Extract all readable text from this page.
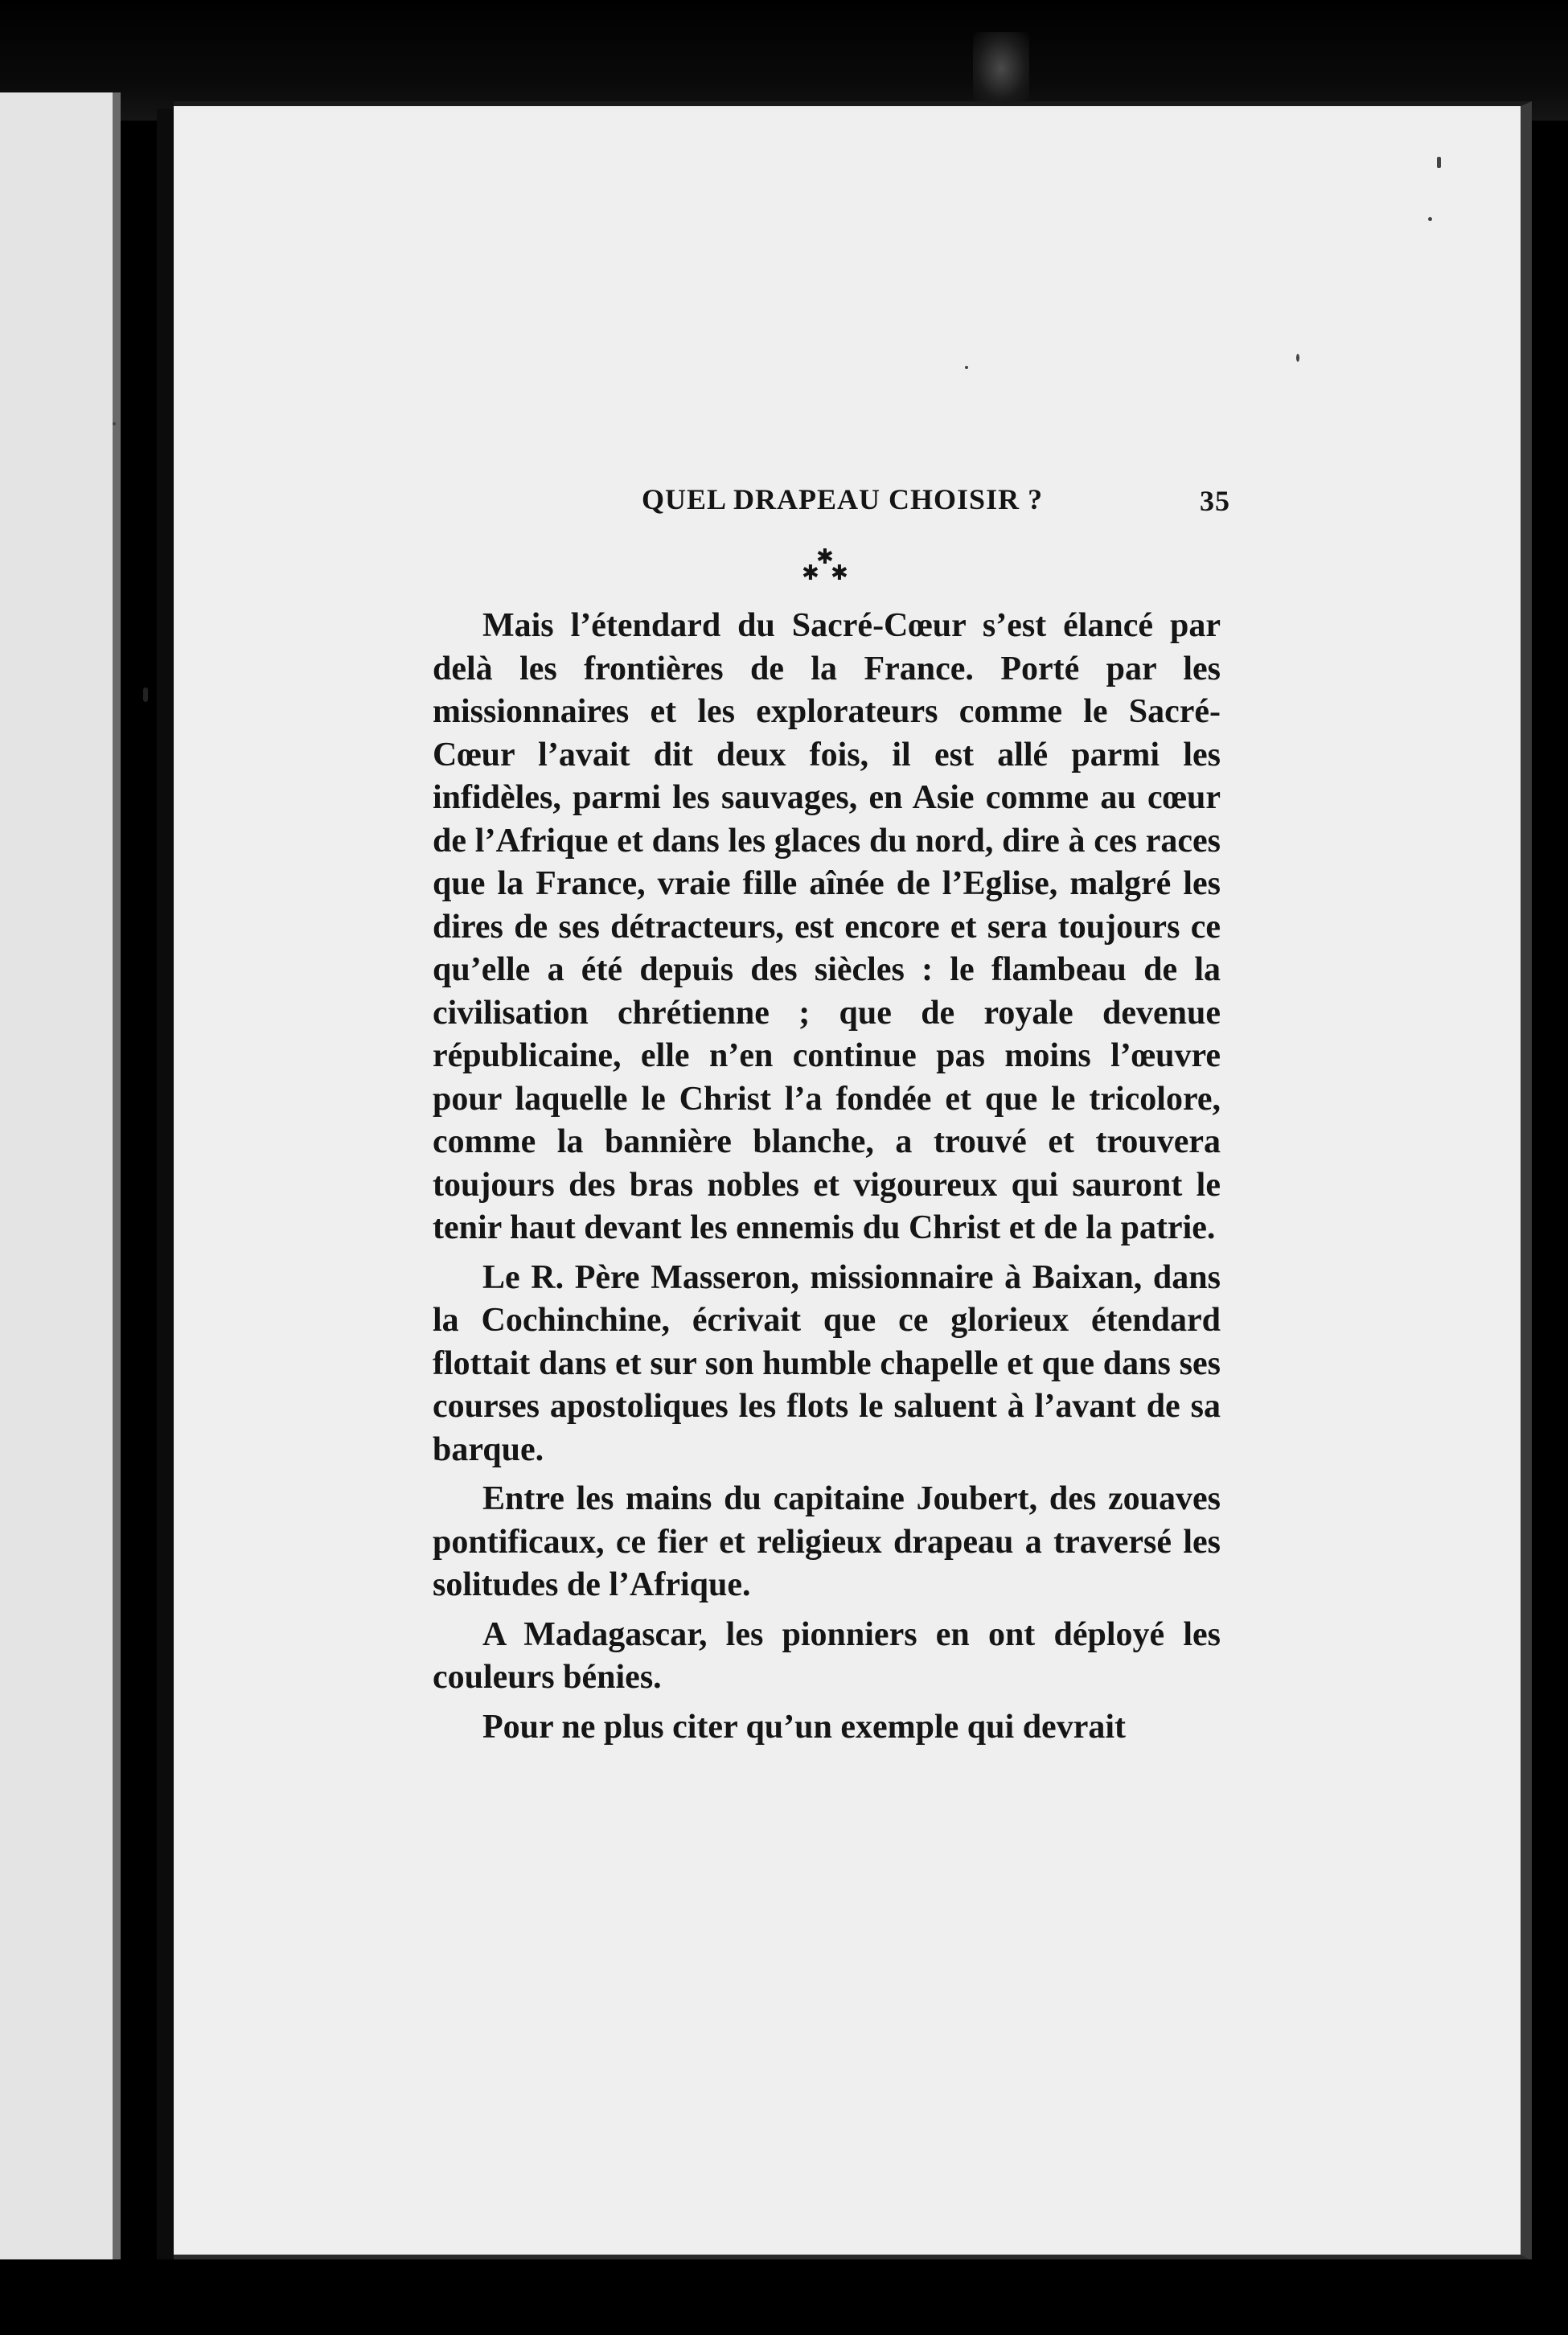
QUEL DRAPEAU CHOISIR ?	35
✱
✱ ✱

Mais l’étendard du Sacré-Cœur s’est élancé par delà les frontières de la France. Porté par les missionnaires et les explorateurs comme le Sacré-Cœur l’avait dit deux fois, il est allé parmi les infidèles, parmi les sauvages, en Asie comme au cœur de l’Afrique et dans les glaces du nord, dire à ces races que la France, vraie fille aînée de l’Eglise, malgré les dires de ses détracteurs, est encore et sera toujours ce qu’elle a été depuis des siècles : le flambeau de la civilisation chrétienne ; que de royale devenue républicaine, elle n’en continue pas moins l’œuvre pour laquelle le Christ l’a fondée et que le tricolore, comme la bannière blanche, a trouvé et trouvera toujours des bras nobles et vigoureux qui sauront le tenir haut devant les ennemis du Christ et de la patrie.

Le R. Père Masseron, missionnaire à Baixan, dans la Cochinchine, écrivait que ce glorieux étendard flottait dans et sur son humble chapelle et que dans ses courses apostoliques les flots le saluent à l’avant de sa barque.

Entre les mains du capitaine Joubert, des zouaves pontificaux, ce fier et religieux drapeau a traversé les solitudes de l’Afrique.

A Madagascar, les pionniers en ont déployé les couleurs bénies.

Pour ne plus citer qu’un exemple qui devrait
